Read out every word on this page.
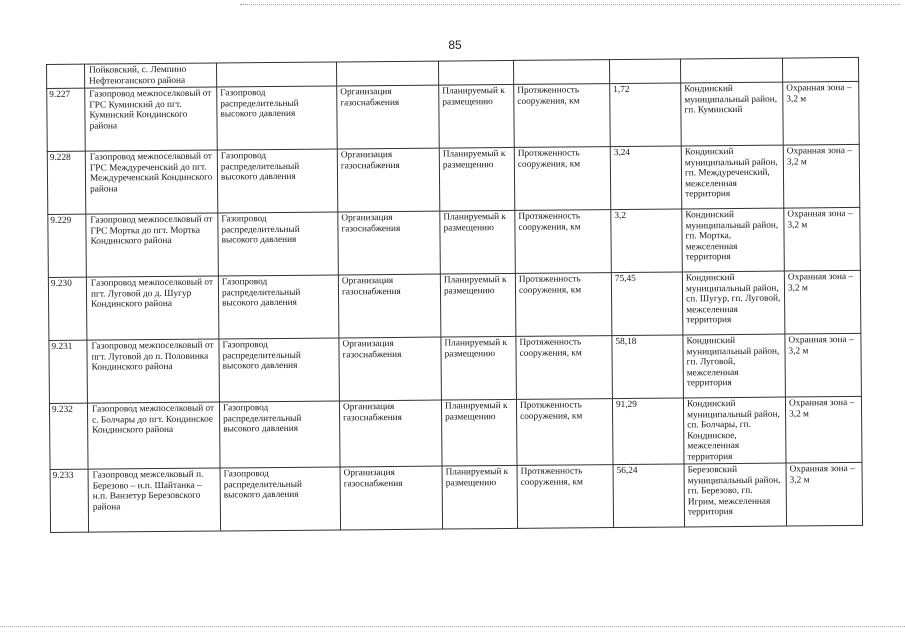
85
	Пойковский, с. Лемпино Нефтеюганского района							
9.227	Газопровод межпоселковый от ГРС Куминский до пгт. Куминский Кондинского района	Газопровод распределительный высокого давления	Организация газоснабжения	Планируемый к размещению	Протяженность сооружения, км	1,72	Кондинский муниципальный район, гп. Куминский	Охранная зона – 3,2 м
9.228	Газопровод межпоселковый от ГРС Междуреченский до пгт. Междуреченский Кондинского района	Газопровод распределительный высокого давления	Организация газоснабжения	Планируемый к размещению	Протяженность сооружения, км	3,24	Кондинский муниципальный район, гп. Междуреченский, межселенная территория	Охранная зона – 3,2 м
9.229	Газопровод межпоселковый от ГРС Мортка до пгт. Мортка Кондинского района	Газопровод распределительный высокого давления	Организация газоснабжения	Планируемый к размещению	Протяженность сооружения, км	3,2	Кондинский муниципальный район, гп. Мортка, межселенная территория	Охранная зона – 3,2 м
9.230	Газопровод межпоселковый от пгт. Луговой до д. Шугур Кондинского района	Газопровод распределительный высокого давления	Организация газоснабжения	Планируемый к размещению	Протяженность сооружения, км	75,45	Кондинский муниципальный район, сп. Шугур, гп. Луговой, межселенная территория	Охранная зона – 3,2 м
9.231	Газопровод межпоселковый от пгт. Луговой до п. Половинка Кондинского района	Газопровод распределительный высокого давления	Организация газоснабжения	Планируемый к размещению	Протяженность сооружения, км	58,18	Кондинский муниципальный район, гп. Луговой, межселенная территория	Охранная зона – 3,2 м
9.232	Газопровод межпоселковый от с. Болчары до пгт. Кондинское Кондинского района	Газопровод распределительный высокого давления	Организация газоснабжения	Планируемый к размещению	Протяженность сооружения, км	91,29	Кондинский муниципальный район, сп. Болчары, гп. Кондинское, межселенная территория	Охранная зона – 3,2 м
9.233	Газопровод межселковый п. Березово – н.п. Шайтанка – н.п. Ванзетур Березовского района	Газопровод распределительный высокого давления	Организация газоснабжения	Планируемый к размещению	Протяженность сооружения, км	56,24	Березовский муниципальный район, гп. Березово, гп. Игрим, межселенная территория	Охранная зона – 3,2 м
